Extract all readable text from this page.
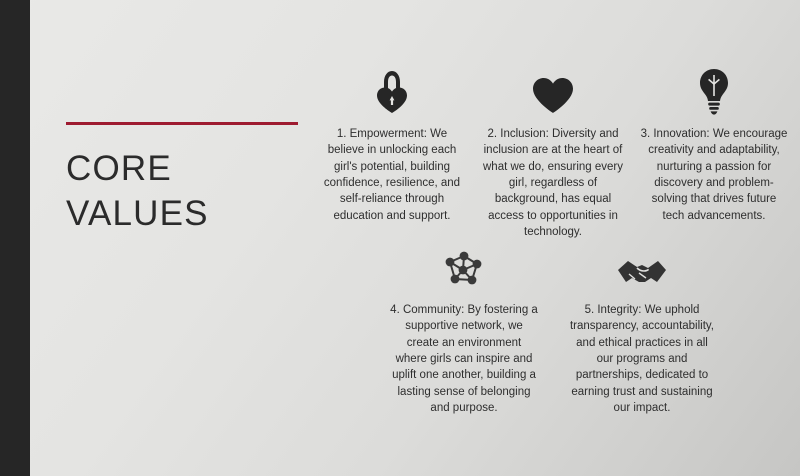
CORE
VALUES
1. Empowerment: We believe in unlocking each girl's potential, building confidence, resilience, and self-reliance through education and support.
2. Inclusion: Diversity and inclusion are at the heart of what we do, ensuring every girl, regardless of background, has equal access to opportunities in technology.
3. Innovation: We encourage creativity and adaptability, nurturing a passion for discovery and problem-solving that drives future tech advancements.
4. Community: By fostering a supportive network, we create an environment where girls can inspire and uplift one another, building a lasting sense of belonging and purpose.
5. Integrity: We uphold transparency, accountability, and ethical practices in all our programs and partnerships, dedicated to earning trust and sustaining our impact.
